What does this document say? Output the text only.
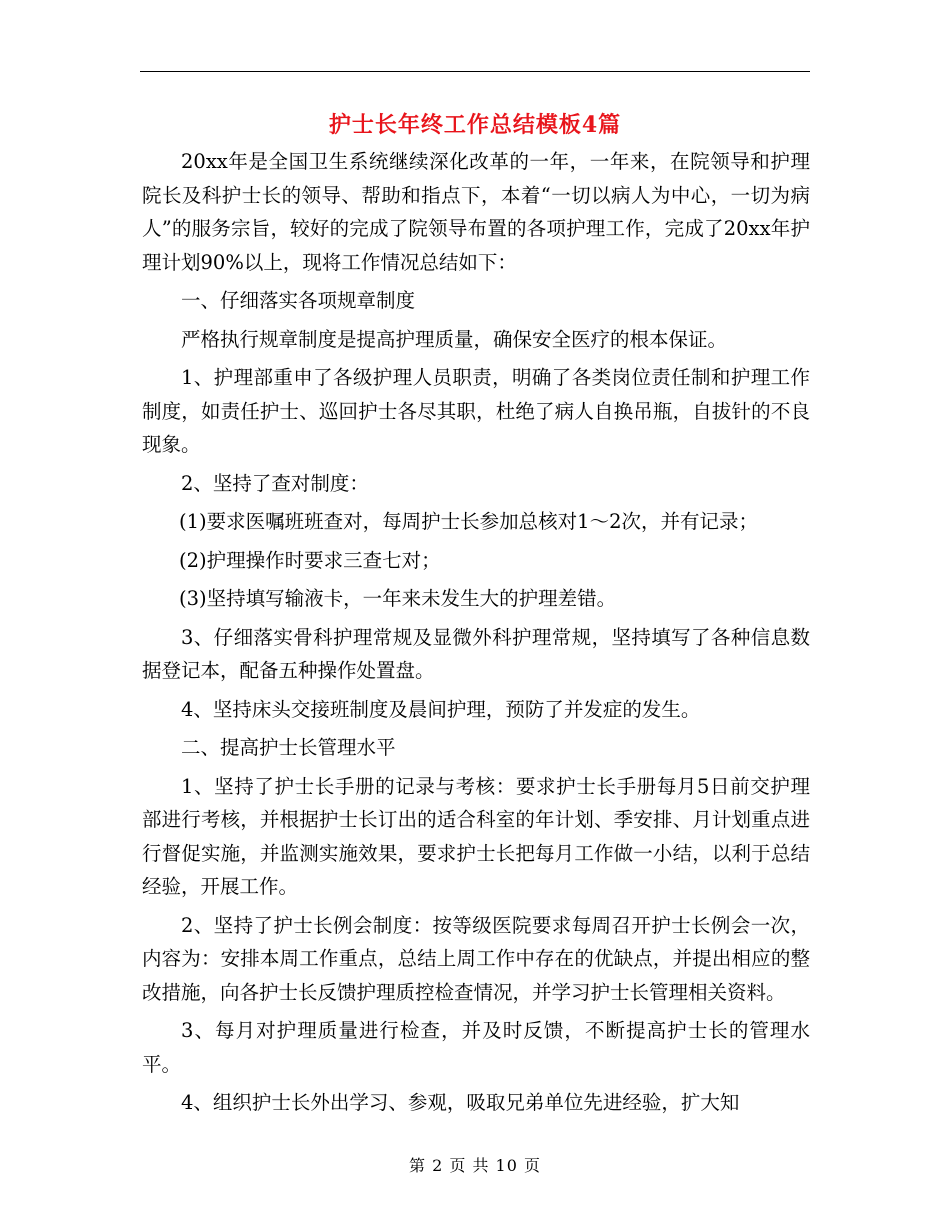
护士长年终工作总结模板4篇

20xx年是全国卫生系统继续深化改革的一年，一年来，在院领导和护理院长及科护士长的领导、帮助和指点下，本着“一切以病人为中心，一切为病人”的服务宗旨，较好的完成了院领导布置的各项护理工作，完成了20xx年护理计划90%以上，现将工作情况总结如下：

一、仔细落实各项规章制度

严格执行规章制度是提高护理质量，确保安全医疗的根本保证。

1、护理部重申了各级护理人员职责，明确了各类岗位责任制和护理工作制度，如责任护士、巡回护士各尽其职，杜绝了病人自换吊瓶，自拔针的不良现象。

2、坚持了查对制度：

(1)要求医嘱班班查对，每周护士长参加总核对1～2次，并有记录；

(2)护理操作时要求三查七对；

(3)坚持填写输液卡，一年来未发生大的护理差错。

3、仔细落实骨科护理常规及显微外科护理常规，坚持填写了各种信息数据登记本，配备五种操作处置盘。

4、坚持床头交接班制度及晨间护理，预防了并发症的发生。

二、提高护士长管理水平

1、坚持了护士长手册的记录与考核：要求护士长手册每月5日前交护理部进行考核，并根据护士长订出的适合科室的年计划、季安排、月计划重点进行督促实施，并监测实施效果，要求护士长把每月工作做一小结，以利于总结经验，开展工作。

2、坚持了护士长例会制度：按等级医院要求每周召开护士长例会一次，内容为：安排本周工作重点，总结上周工作中存在的优缺点，并提出相应的整改措施，向各护士长反馈护理质控检查情况，并学习护士长管理相关资料。

3、每月对护理质量进行检查，并及时反馈，不断提高护士长的管理水平。

4、组织护士长外出学习、参观，吸取兄弟单位先进经验，扩大知

第 2 页 共 10 页
